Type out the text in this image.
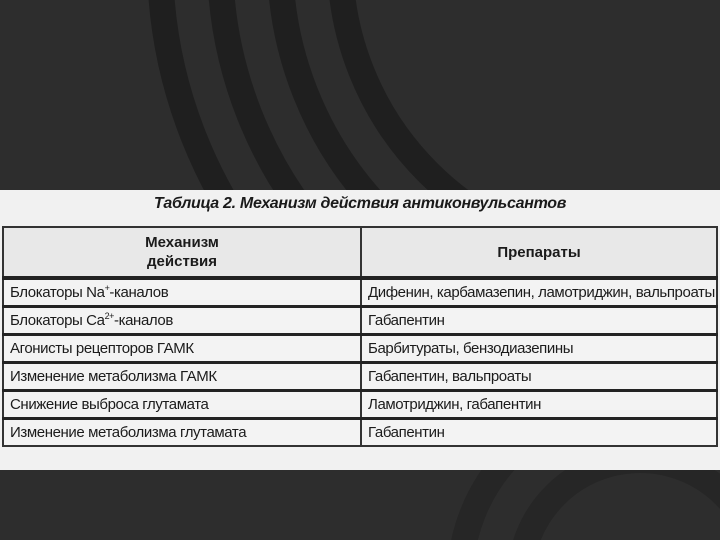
Таблица 2. Механизм действия антиконвульсантов
Механизм
действия	Препараты
Блокаторы Na+-каналов	Дифенин, карбамазепин, ламотриджин, вальпроаты
Блокаторы $Ca^{2+}$-каналов	Габапентин
Агонисты рецепторов ГАМК	Барбитураты, бензодиазепины
Изменение метаболизма ГАМК	Габапентин, вальпроаты
Снижение выброса глутамата	Ламотриджин, габапентин
Изменение метаболизма глутамата	Габапентин
